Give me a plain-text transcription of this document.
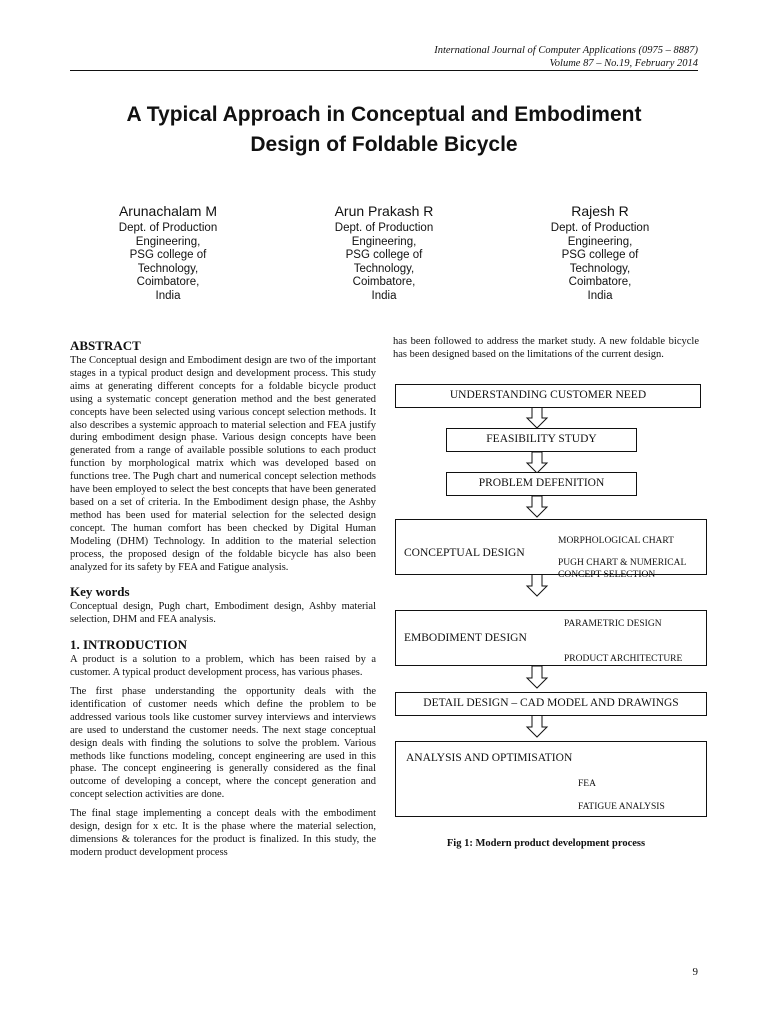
International Journal of Computer Applications (0975 – 8887)
Volume 87 – No.19, February 2014
A Typical Approach in Conceptual and Embodiment
Design of Foldable Bicycle
Arunachalam M
Dept. of Production
Engineering,
PSG college of
Technology,
Coimbatore,
India
Arun Prakash R
Dept. of Production
Engineering,
PSG college of
Technology,
Coimbatore,
India
Rajesh R
Dept. of Production
Engineering,
PSG college of
Technology,
Coimbatore,
India
ABSTRACT
The Conceptual design and Embodiment design are two of the important stages in a typical product design and development process. This study aims at generating different concepts for a foldable bicycle product using a systematic concept generation method and the best generated concepts have been selected using various concept selection methods. It also describes a systemic approach to material selection and FEA justify during embodiment design phase. Various design concepts have been generated from a range of available possible solutions to each product function by morphological matrix which was developed based on functions tree. The Pugh chart and numerical concept selection methods have been employed to select the best concepts that have been generated based on a set of criteria. In the Embodiment design phase, the Ashby method has been used for material selection for the selected design concept. The human comfort has been checked by Digital Human Modeling (DHM) Technology. In addition to the material selection process, the proposed design of the foldable bicycle has also been analyzed for its safety by FEA and Fatigue analysis.
Key words
Conceptual design, Pugh chart, Embodiment design, Ashby material selection, DHM and FEA analysis.
1. INTRODUCTION
A product is a solution to a problem, which has been raised by a customer. A typical product development process, has various phases.
The first phase understanding the opportunity deals with the identification of customer needs which define the problem to be addressed various tools like customer survey interviews and interviews are used to understand the customer needs. The next stage conceptual design deals with finding the solutions to solve the problem. Various methods like functions modeling, concept engineering are used in this phase. The concept engineering is generally considered as the final outcome of developing a concept, where the concept generation and concept selection activities are done.
The final stage implementing a concept deals with the embodiment design, design for x etc. It is the phase where the material selection, dimensions & tolerances for the product is finalized. In this study, the modern product development process
has been followed to address the market study. A new foldable bicycle has been designed based on the limitations of the current design.
UNDERSTANDING CUSTOMER NEED
FEASIBILITY STUDY
PROBLEM DEFENITION
CONCEPTUAL DESIGN
MORPHOLOGICAL CHART
PUGH CHART & NUMERICAL
CONCEPT SELECTION
EMBODIMENT DESIGN
PARAMETRIC DESIGN
PRODUCT ARCHITECTURE
DETAIL DESIGN – CAD MODEL AND DRAWINGS
ANALYSIS AND OPTIMISATION
FEA
FATIGUE ANALYSIS
Fig 1: Modern product development process
9
